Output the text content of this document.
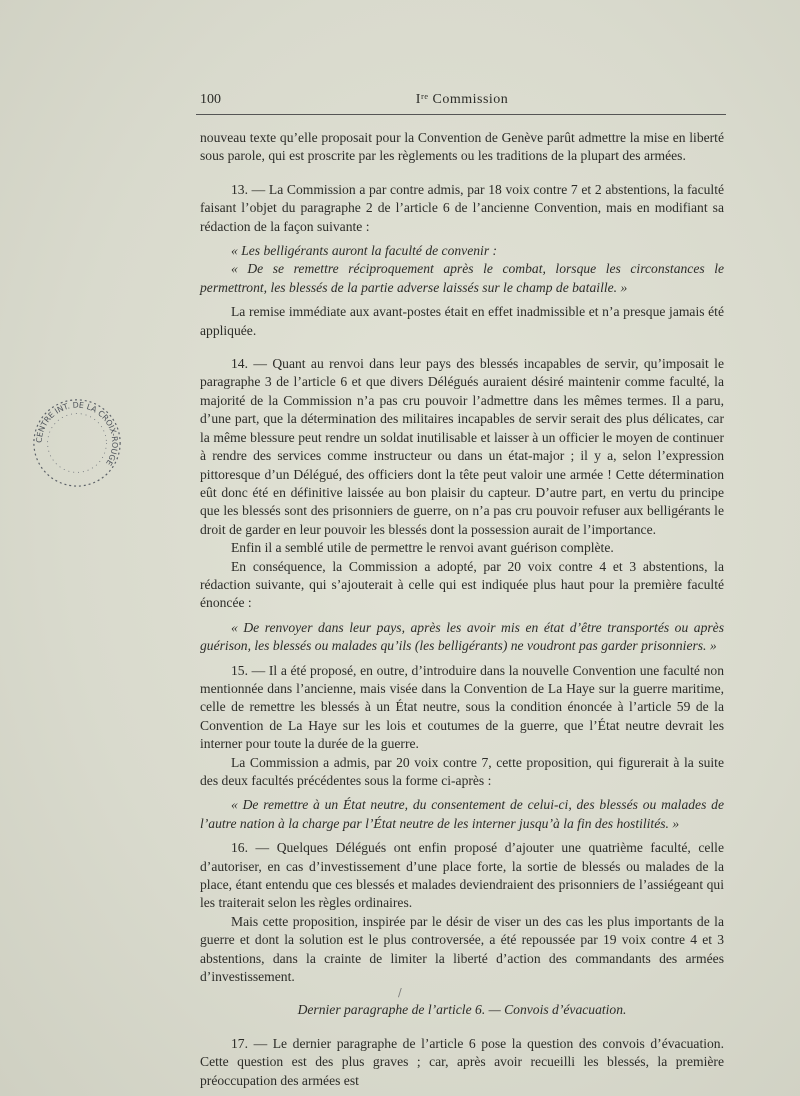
100	Iʳᵉ Commission
CENTRE INT. DE LA CROIX-ROUGE

nouveau texte qu’elle proposait pour la Convention de Genève parût admettre la mise en liberté sous parole, qui est proscrite par les règlements ou les traditions de la plupart des armées.

13. — La Commission a par contre admis, par 18 voix contre 7 et 2 abstentions, la faculté faisant l’objet du paragraphe 2 de l’article 6 de l’ancienne Convention, mais en modifiant sa rédaction de la façon suivante :

« Les belligérants auront la faculté de convenir :

« De se remettre réciproquement après le combat, lorsque les circonstances le permettront, les blessés de la partie adverse laissés sur le champ de bataille. »

La remise immédiate aux avant-postes était en effet inadmissible et n’a presque jamais été appliquée.

14. — Quant au renvoi dans leur pays des blessés incapables de servir, qu’imposait le paragraphe 3 de l’article 6 et que divers Délégués auraient désiré maintenir comme faculté, la majorité de la Commission n’a pas cru pouvoir l’admettre dans les mêmes termes. Il a paru, d’une part, que la détermination des militaires incapables de servir serait des plus délicates, car la même blessure peut rendre un soldat inutilisable et laisser à un officier le moyen de continuer à rendre des services comme instructeur ou dans un état-major ; il y a, selon l’expression pittoresque d’un Délégué, des officiers dont la tête peut valoir une armée ! Cette détermination eût donc été en définitive laissée au bon plaisir du capteur. D’autre part, en vertu du principe que les blessés sont des prisonniers de guerre, on n’a pas cru pouvoir refuser aux belligérants le droit de garder en leur pouvoir les blessés dont la possession aurait de l’importance.

Enfin il a semblé utile de permettre le renvoi avant guérison complète.

En conséquence, la Commission a adopté, par 20 voix contre 4 et 3 abstentions, la rédaction suivante, qui s’ajouterait à celle qui est indiquée plus haut pour la première faculté énoncée :

« De renvoyer dans leur pays, après les avoir mis en état d’être transportés ou après guérison, les blessés ou malades qu’ils (les belligérants) ne voudront pas garder prisonniers. »

15. — Il a été proposé, en outre, d’introduire dans la nouvelle Convention une faculté non mentionnée dans l’ancienne, mais visée dans la Convention de La Haye sur la guerre maritime, celle de remettre les blessés à un État neutre, sous la condition énoncée à l’article 59 de la Convention de La Haye sur les lois et coutumes de la guerre, que l’État neutre devrait les interner pour toute la durée de la guerre.

La Commission a admis, par 20 voix contre 7, cette proposition, qui figurerait à la suite des deux facultés précédentes sous la forme ci-après :

« De remettre à un État neutre, du consentement de celui-ci, des blessés ou malades de l’autre nation à la charge par l’État neutre de les interner jusqu’à la fin des hostilités. »

16. — Quelques Délégués ont enfin proposé d’ajouter une quatrième faculté, celle d’autoriser, en cas d’investissement d’une place forte, la sortie de blessés ou malades de la place, étant entendu que ces blessés et malades deviendraient des prisonniers de l’assiégeant qui les traiterait selon les règles ordinaires.

Mais cette proposition, inspirée par le désir de viser un des cas les plus importants de la guerre et dont la solution est le plus controversée, a été repoussée par 19 voix contre 4 et 3 abstentions, dans la crainte de limiter la liberté d’action des commandants des armées d’investissement.

Dernier paragraphe de l’article 6. — Convois d’évacuation.

17. — Le dernier paragraphe de l’article 6 pose la question des convois d’évacuation. Cette question est des plus graves ; car, après avoir recueilli les blessés, la première préoccupation des armées est

/
